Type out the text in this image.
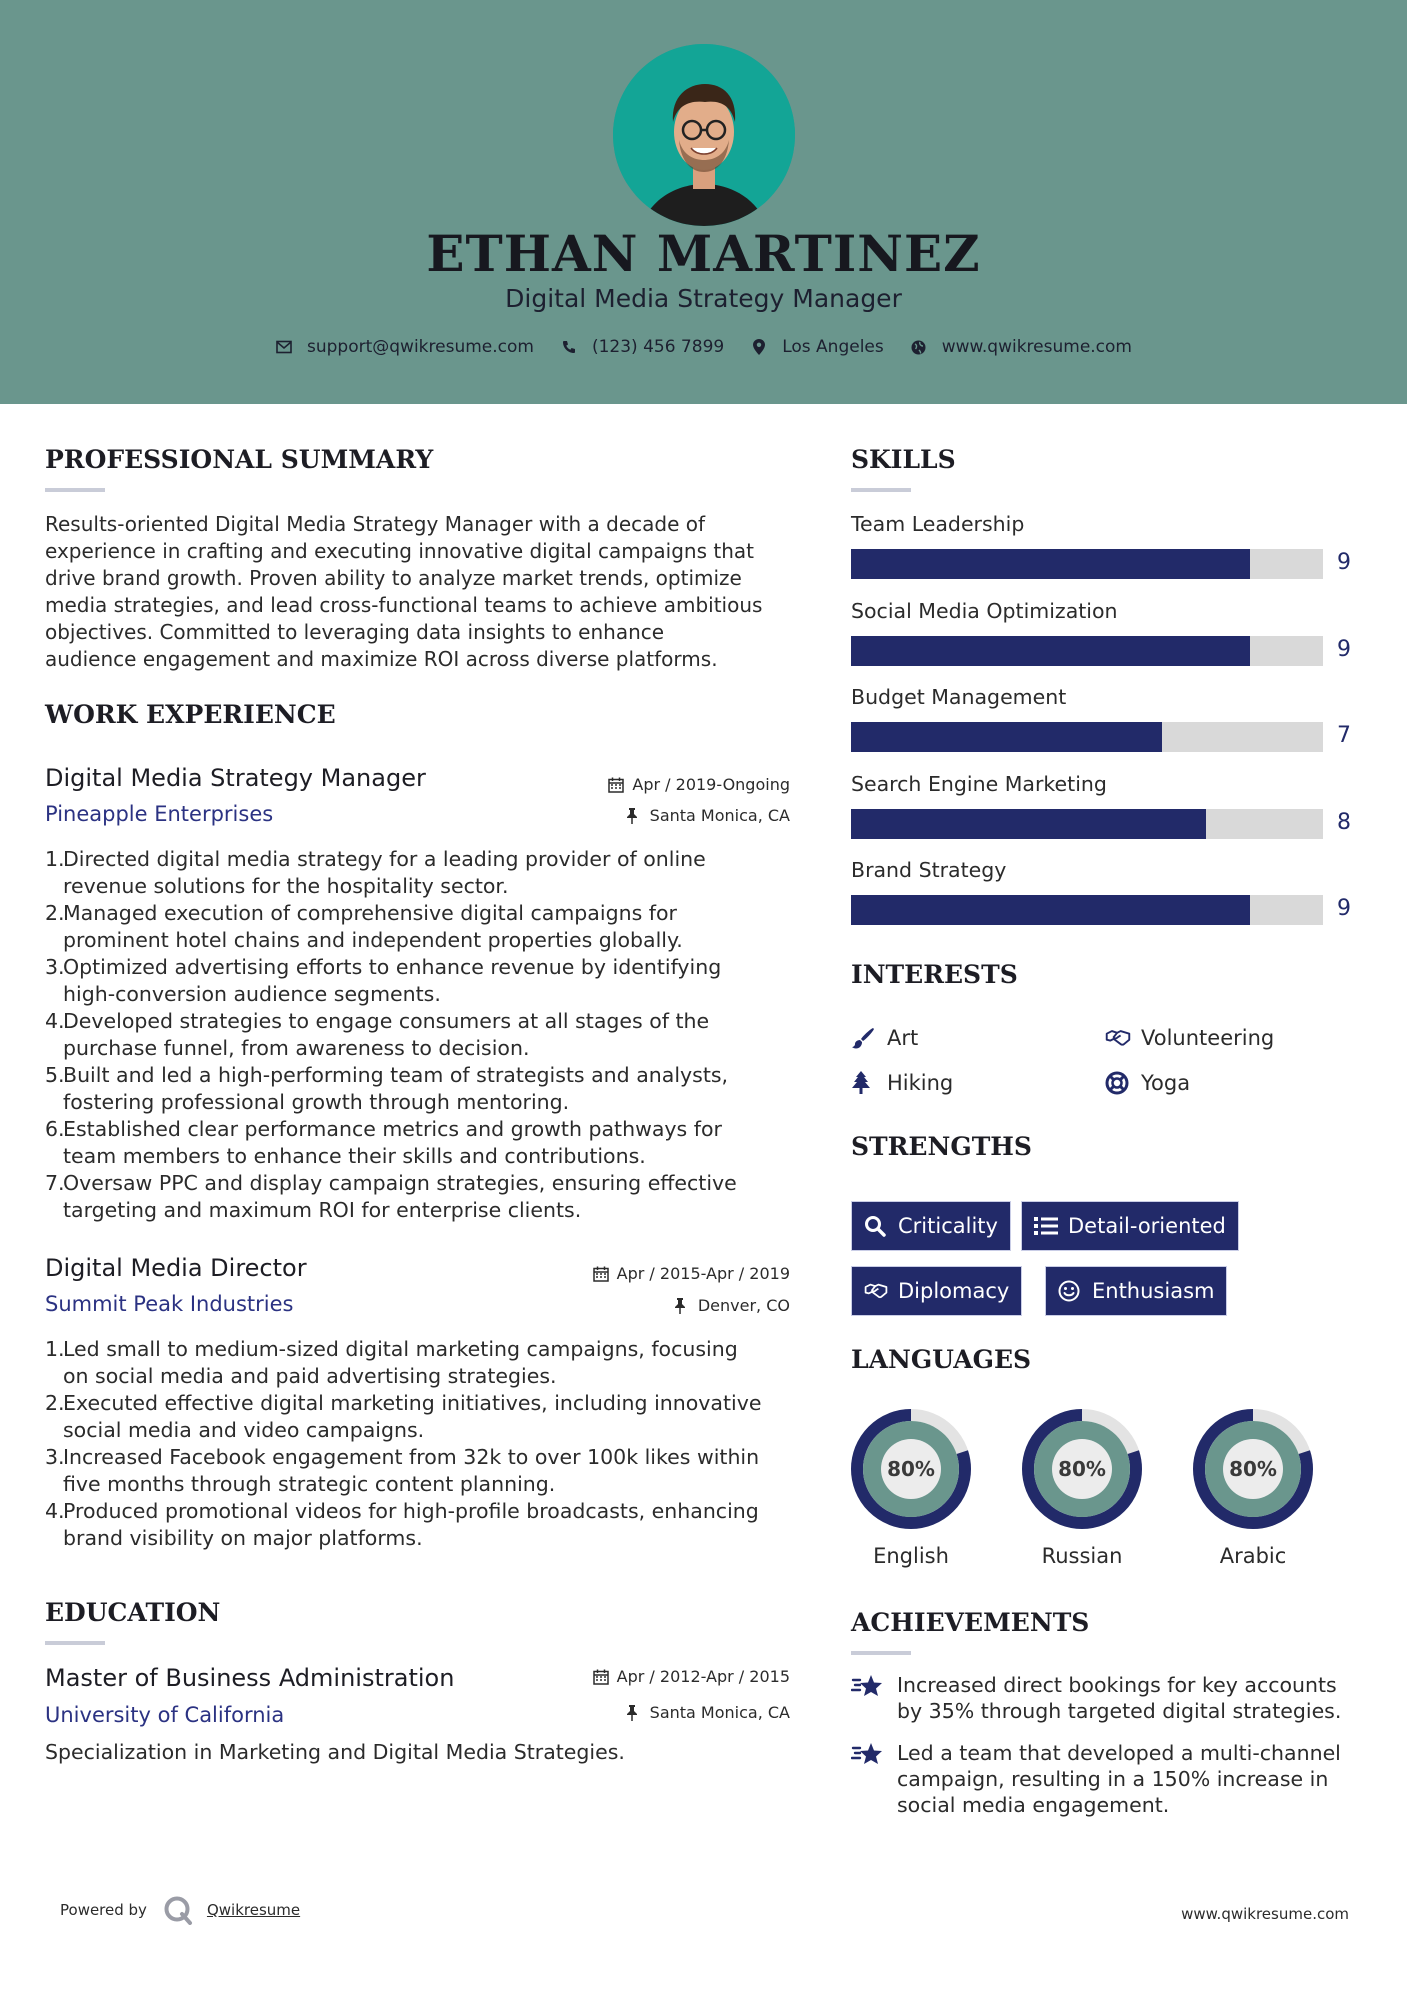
ETHAN MARTINEZ
Digital Media Strategy Manager
support@qwikresume.com	(123) 456 7899	Los Angeles	www.qwikresume.com
PROFESSIONAL SUMMARY
Results-oriented Digital Media Strategy Manager with a decade of
experience in crafting and executing innovative digital campaigns that
drive brand growth. Proven ability to analyze market trends, optimize
media strategies, and lead cross-functional teams to achieve ambitious
objectives. Committed to leveraging data insights to enhance
audience engagement and maximize ROI across diverse platforms.
WORK EXPERIENCE
Digital Media Strategy Manager
Pineapple Enterprises
Apr / 2019-Ongoing
Santa Monica, CA
1.
Directed digital media strategy for a leading provider of online
revenue solutions for the hospitality sector.
2.
Managed execution of comprehensive digital campaigns for
prominent hotel chains and independent properties globally.
3.
Optimized advertising efforts to enhance revenue by identifying
high-conversion audience segments.
4.
Developed strategies to engage consumers at all stages of the
purchase funnel, from awareness to decision.
5.
Built and led a high-performing team of strategists and analysts,
fostering professional growth through mentoring.
6.
Established clear performance metrics and growth pathways for
team members to enhance their skills and contributions.
7.
Oversaw PPC and display campaign strategies, ensuring effective
targeting and maximum ROI for enterprise clients.
Digital Media Director
Summit Peak Industries
Apr / 2015-Apr / 2019
Denver, CO
1.
Led small to medium-sized digital marketing campaigns, focusing
on social media and paid advertising strategies.
2.
Executed effective digital marketing initiatives, including innovative
social media and video campaigns.
3.
Increased Facebook engagement from 32k to over 100k likes within
five months through strategic content planning.
4.
Produced promotional videos for high-profile broadcasts, enhancing
brand visibility on major platforms.
EDUCATION
Master of Business Administration
University of California
Apr / 2012-Apr / 2015
Santa Monica, CA
Specialization in Marketing and Digital Media Strategies.
SKILLS
Team Leadership
9
Social Media Optimization
9
Budget Management
7
Search Engine Marketing
8
Brand Strategy
9
INTERESTS
Art	Volunteering
Hiking	Yoga
STRENGTHS
Criticality	Detail-oriented
Diplomacy	Enthusiasm
LANGUAGES
80%
English
80%
Russian
80%
Arabic
ACHIEVEMENTS
Increased direct bookings for key accounts
by 35% through targeted digital strategies.
Led a team that developed a multi-channel
campaign, resulting in a 150% increase in
social media engagement.
Powered by	Qwikresume	www.qwikresume.com
